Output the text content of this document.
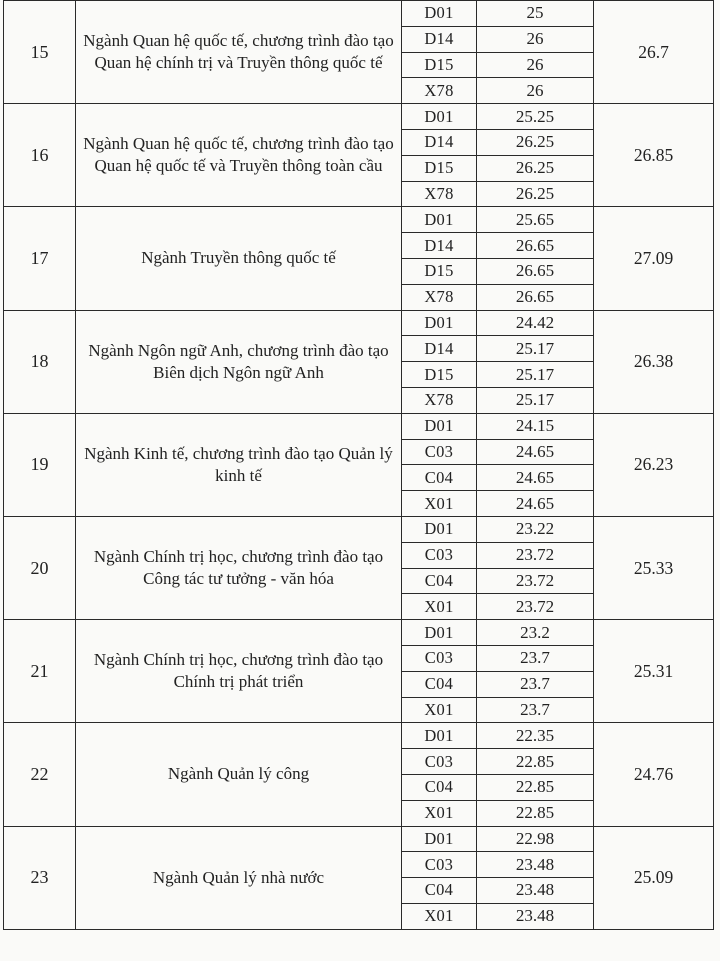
15	Ngành Quan hệ quốc tế, chương trình đào tạo Quan hệ chính trị và Truyền thông quốc tế	D01	25	26.7
		D14	26	
		D15	26	
		X78	26	
16	Ngành Quan hệ quốc tế, chương trình đào tạo Quan hệ quốc tế và Truyền thông toàn cầu	D01	25.25	26.85
		D14	26.25	
		D15	26.25	
		X78	26.25	
17	Ngành Truyền thông quốc tế	D01	25.65	27.09
		D14	26.65	
		D15	26.65	
		X78	26.65	
18	Ngành Ngôn ngữ Anh, chương trình đào tạo Biên dịch Ngôn ngữ Anh	D01	24.42	26.38
		D14	25.17	
		D15	25.17	
		X78	25.17	
19	Ngành Kinh tế, chương trình đào tạo Quản lý kinh tế	D01	24.15	26.23
		C03	24.65	
		C04	24.65	
		X01	24.65	
20	Ngành Chính trị học, chương trình đào tạo Công tác tư tưởng - văn hóa	D01	23.22	25.33
		C03	23.72	
		C04	23.72	
		X01	23.72	
21	Ngành Chính trị học, chương trình đào tạo Chính trị phát triển	D01	23.2	25.31
		C03	23.7	
		C04	23.7	
		X01	23.7	
22	Ngành Quản lý công	D01	22.35	24.76
		C03	22.85	
		C04	22.85	
		X01	22.85	
23	Ngành Quản lý nhà nước	D01	22.98	25.09
		C03	23.48	
		C04	23.48	
		X01	23.48	
